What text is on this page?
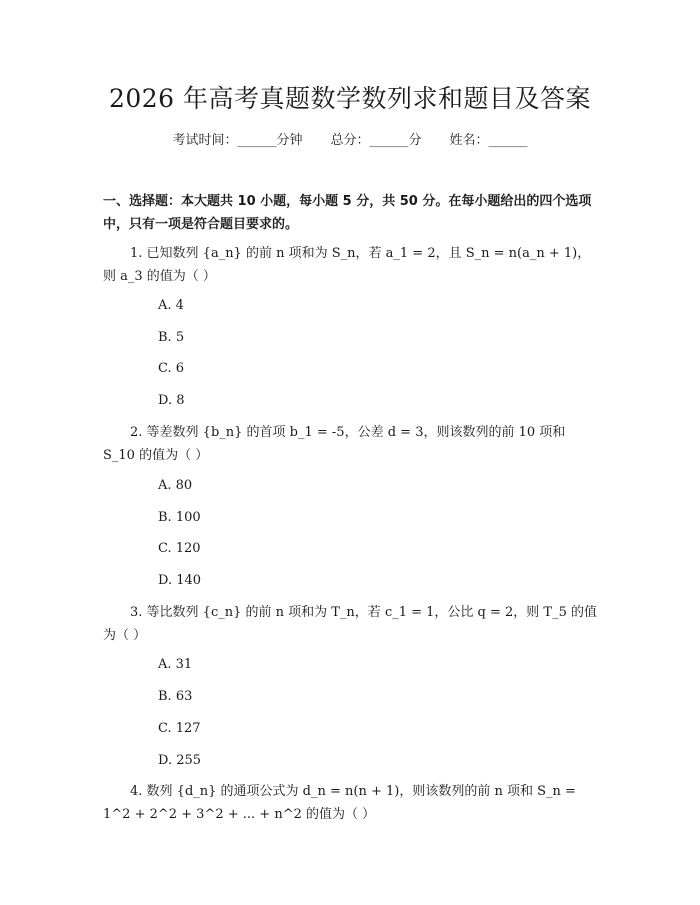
2026 年高考真题数学数列求和题目及答案
考试时间：______分钟 总分：______分 姓名：______
一、选择题：本大题共 10 小题，每小题 5 分，共 50 分。在每小题给出的四个选项中，只有一项是符合题目要求的。
1. 已知数列 {a_n} 的前 n 项和为 S_n，若 a_1 = 2，且 S_n = n(a_n + 1)，则 a_3 的值为（ ）
A. 4
B. 5
C. 6
D. 8
2. 等差数列 {b_n} 的首项 b_1 = -5，公差 d = 3，则该数列的前 10 项和 S_10 的值为（ ）
A. 80
B. 100
C. 120
D. 140
3. 等比数列 {c_n} 的前 n 项和为 T_n，若 c_1 = 1，公比 q = 2，则 T_5 的值为（ ）
A. 31
B. 63
C. 127
D. 255
4. 数列 {d_n} 的通项公式为 d_n = n(n + 1)，则该数列的前 n 项和 S_n = 1^2 + 2^2 + 3^2 + ... + n^2 的值为（ ）
